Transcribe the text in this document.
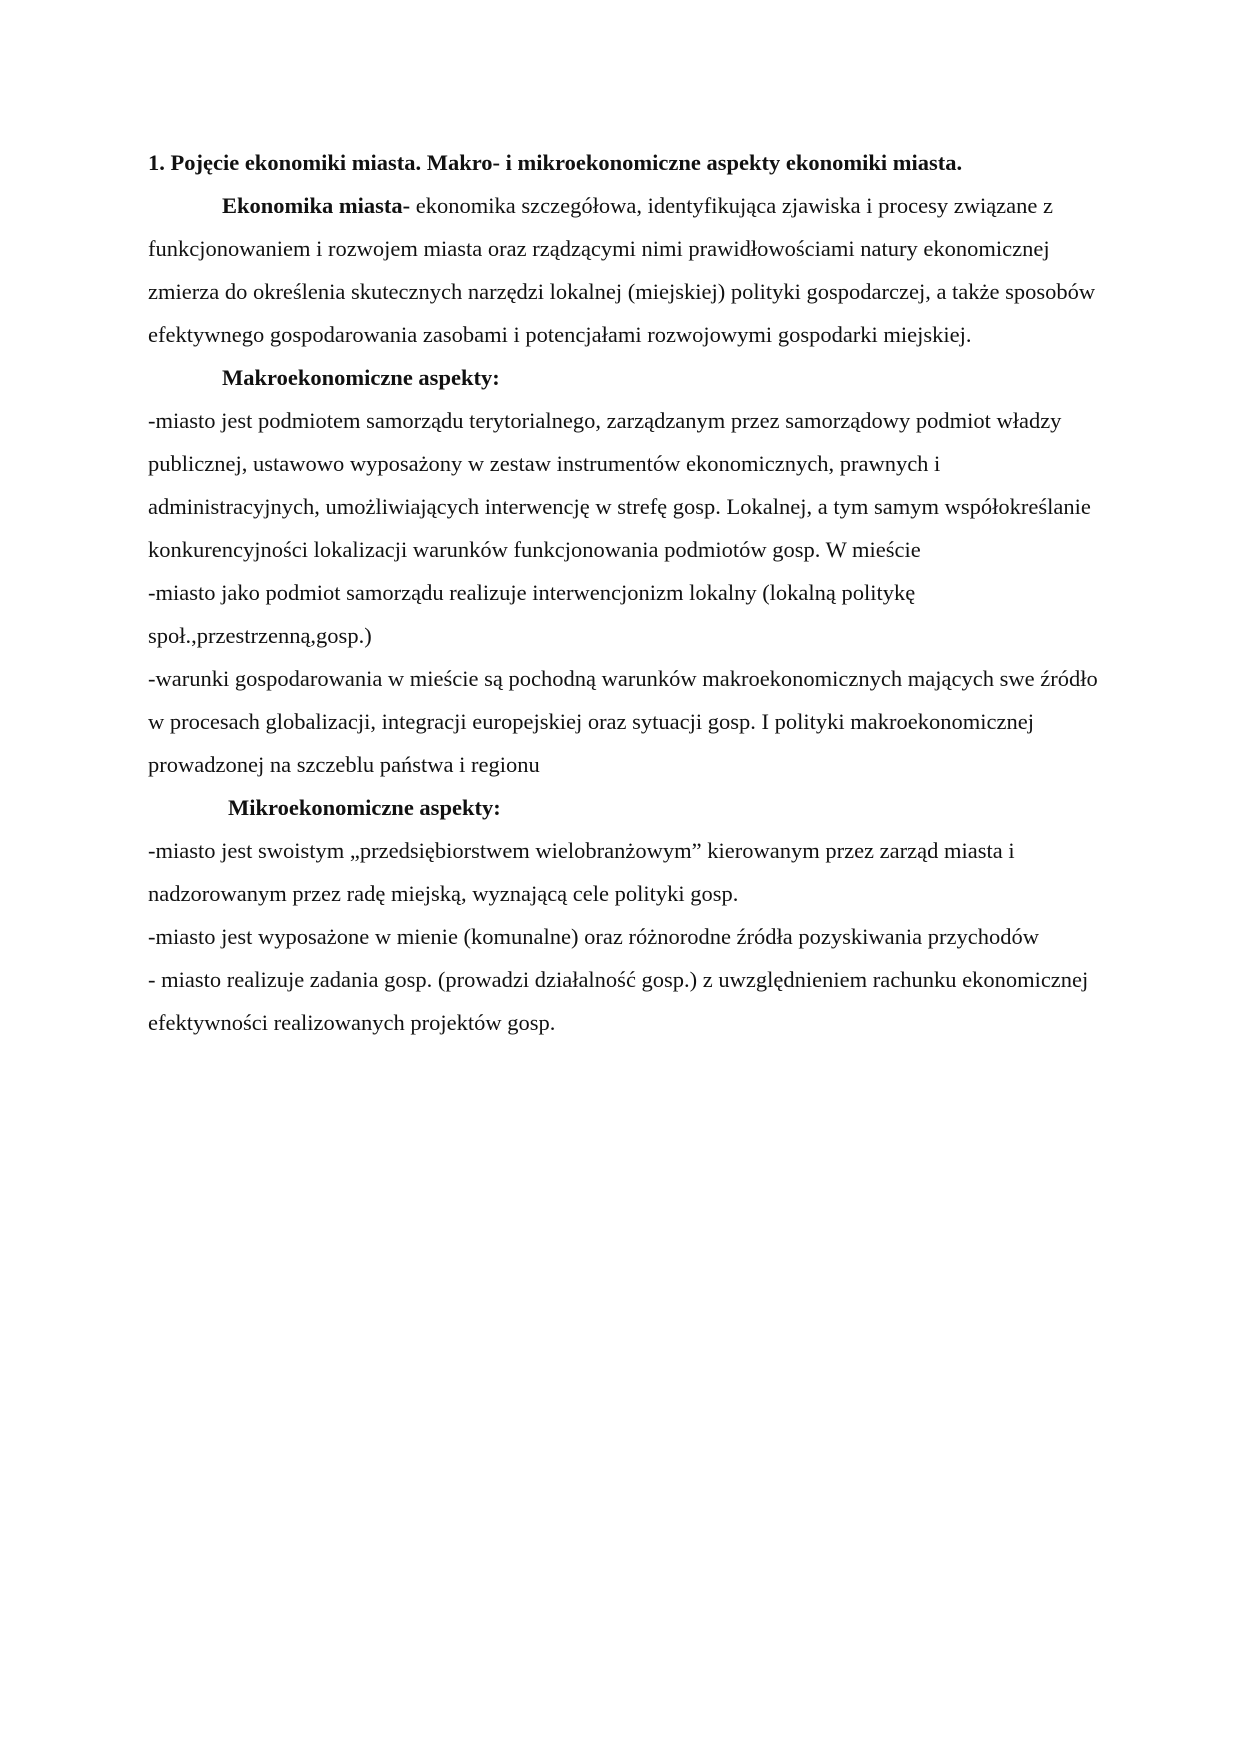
1. Pojęcie ekonomiki miasta. Makro- i mikroekonomiczne aspekty ekonomiki miasta.

Ekonomika miasta- ekonomika szczegółowa, identyfikująca zjawiska i procesy związane z funkcjonowaniem i rozwojem miasta oraz rządzącymi nimi prawidłowościami natury ekonomicznej zmierza do określenia skutecznych narzędzi lokalnej (miejskiej) polityki gospodarczej, a także sposobów efektywnego gospodarowania zasobami i potencjałami rozwojowymi gospodarki miejskiej.

Makroekonomiczne aspekty:

-miasto jest podmiotem samorządu terytorialnego, zarządzanym przez samorządowy podmiot władzy publicznej, ustawowo wyposażony w zestaw instrumentów ekonomicznych, prawnych i administracyjnych, umożliwiających interwencję w strefę gosp. Lokalnej, a tym samym współokreślanie konkurencyjności lokalizacji warunków funkcjonowania podmiotów gosp. W mieście

-miasto jako podmiot samorządu realizuje interwencjonizm lokalny (lokalną politykę społ.,przestrzenną,gosp.)

-warunki gospodarowania w mieście są pochodną warunków makroekonomicznych mających swe źródło w procesach globalizacji, integracji europejskiej oraz sytuacji gosp. I polityki makroekonomicznej prowadzonej na szczeblu państwa i regionu

Mikroekonomiczne aspekty:

-miasto jest swoistym „przedsiębiorstwem wielobranżowym” kierowanym przez zarząd miasta i nadzorowanym przez radę miejską, wyznającą cele polityki gosp.

-miasto jest wyposażone w mienie (komunalne) oraz różnorodne źródła pozyskiwania przychodów

- miasto realizuje zadania gosp. (prowadzi działalność gosp.) z uwzględnieniem rachunku ekonomicznej efektywności realizowanych projektów gosp.
